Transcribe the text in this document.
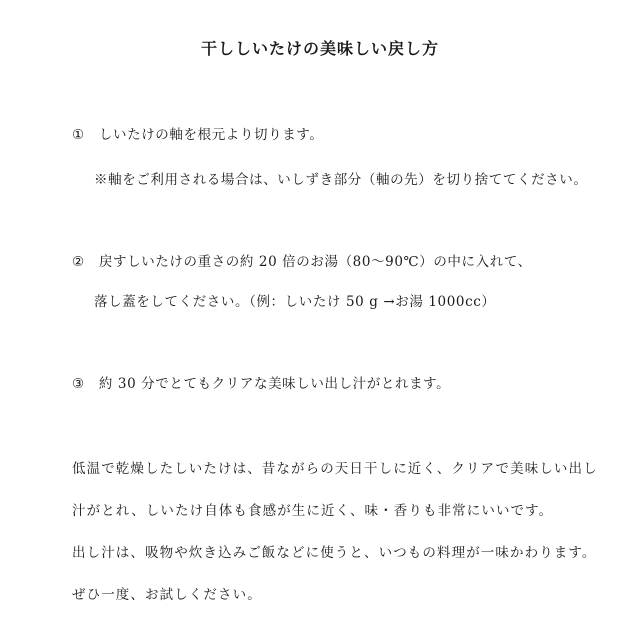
干ししいたけの美味しい戻し方
① しいたけの軸を根元より切ります。
※軸をご利用される場合は、いしずき部分（軸の先）を切り捨ててください。
② 戻すしいたけの重さの約 20 倍のお湯（80～90℃）の中に入れて、
落し蓋をしてください。（例：しいたけ 50 g →お湯 1000cc）
③ 約 30 分でとてもクリアな美味しい出し汁がとれます。
低温で乾燥したしいたけは、昔ながらの天日干しに近く、クリアで美味しい出し
汁がとれ、しいたけ自体も食感が生に近く、味・香りも非常にいいです。
出し汁は、吸物や炊き込みご飯などに使うと、いつもの料理が一味かわります。
ぜひ一度、お試しください。
